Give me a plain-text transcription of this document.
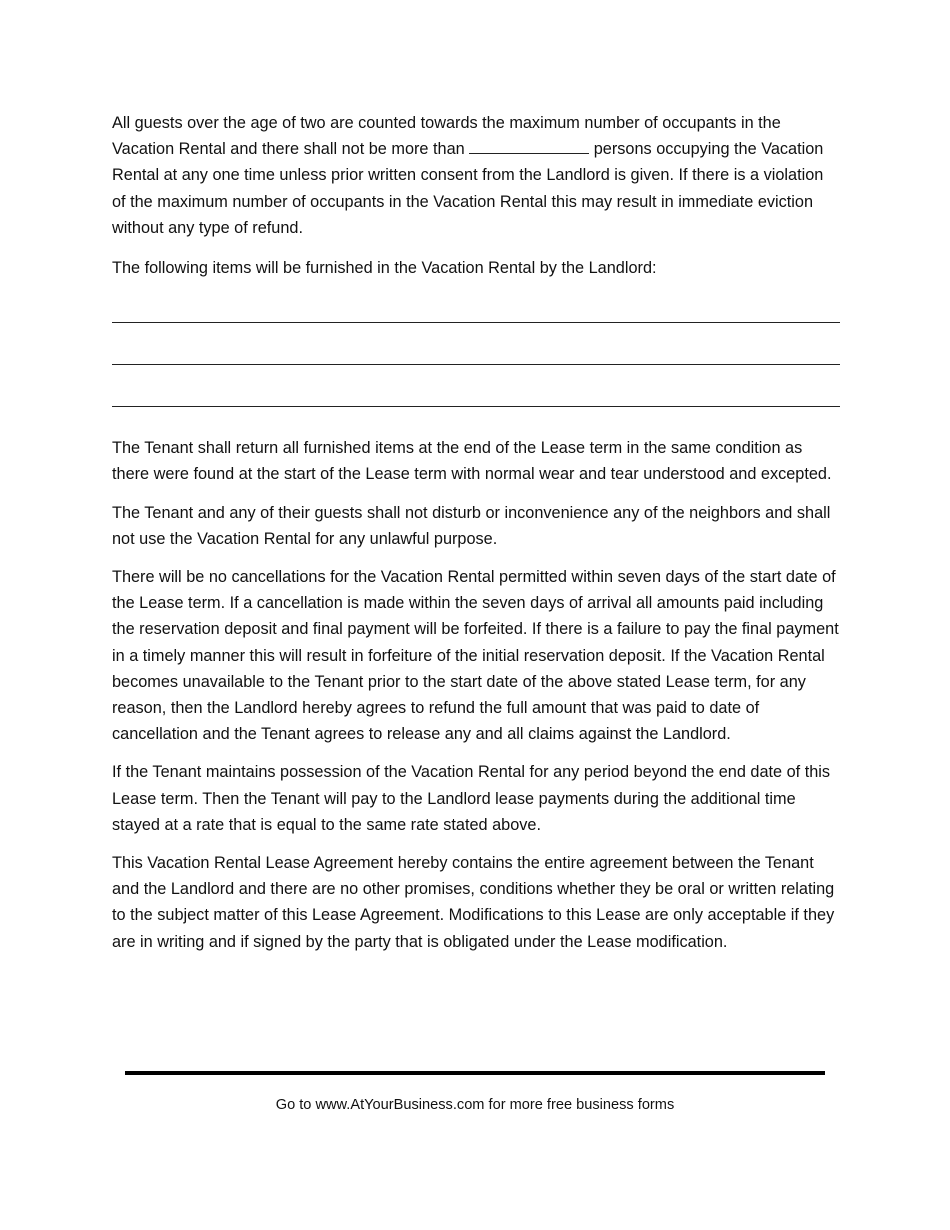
All guests over the age of two are counted towards the maximum number of occupants in the Vacation Rental and there shall not be more than	persons occupying the Vacation Rental at any one time unless prior written consent from the Landlord is given. If there is a violation of the maximum number of occupants in the Vacation Rental this may result in immediate eviction without any type of refund.

The following items will be furnished in the Vacation Rental by the Landlord:

The Tenant shall return all furnished items at the end of the Lease term in the same condition as there were found at the start of the Lease term with normal wear and tear understood and excepted.

The Tenant and any of their guests shall not disturb or inconvenience any of the neighbors and shall not use the Vacation Rental for any unlawful purpose.

There will be no cancellations for the Vacation Rental permitted within seven days of the start date of the Lease term. If a cancellation is made within the seven days of arrival all amounts paid including the reservation deposit and final payment will be forfeited. If there is a failure to pay the final payment in a timely manner this will result in forfeiture of the initial reservation deposit. If the Vacation Rental becomes unavailable to the Tenant prior to the start date of the above stated Lease term, for any reason, then the Landlord hereby agrees to refund the full amount that was paid to date of cancellation and the Tenant agrees to release any and all claims against the Landlord.

If the Tenant maintains possession of the Vacation Rental for any period beyond the end date of this Lease term. Then the Tenant will pay to the Landlord lease payments during the additional time stayed at a rate that is equal to the same rate stated above.

This Vacation Rental Lease Agreement hereby contains the entire agreement between the Tenant and the Landlord and there are no other promises, conditions whether they be oral or written relating to the subject matter of this Lease Agreement. Modifications to this Lease are only acceptable if they are in writing and if signed by the party that is obligated under the Lease modification.

Go to www.AtYourBusiness.com for more free business forms
